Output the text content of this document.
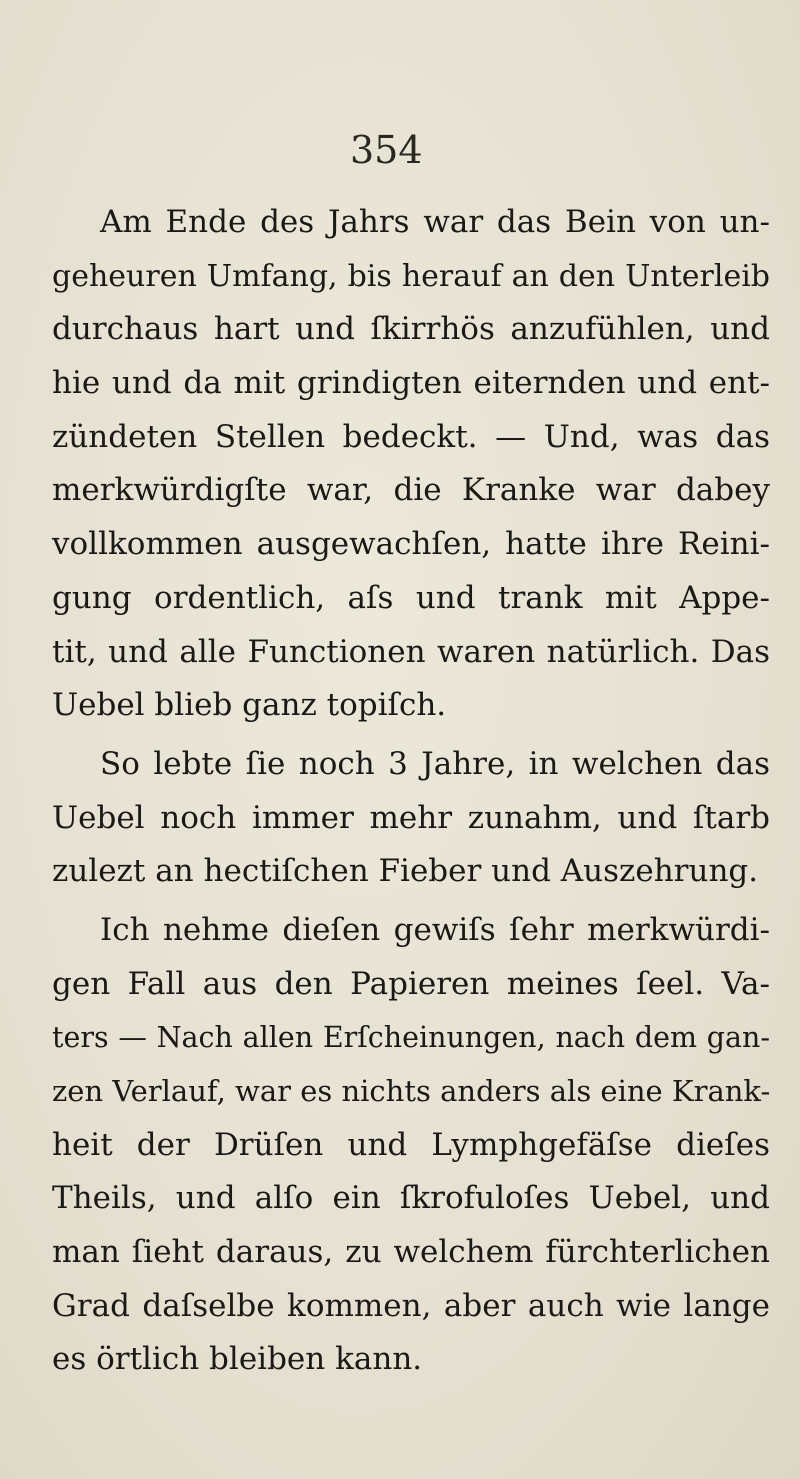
354
Am Ende des Jahrs war das Bein von un-
geheuren Umfang, bis herauf an den Unterleib
durchaus hart und ſkirrhös anzufühlen, und
hie und da mit grindigten eiternden und ent-
zündeten Stellen bedeckt. — Und, was das
merkwürdigſte war, die Kranke war dabey
vollkommen ausgewachſen, hatte ihre Reini-
gung ordentlich, aſs und trank mit Appe-
tit, und alle Functionen waren natürlich. Das
Uebel blieb ganz topiſch.
So lebte ſie noch 3 Jahre, in welchen das
Uebel noch immer mehr zunahm, und ſtarb
zulezt an hectiſchen Fieber und Auszehrung.
Ich nehme dieſen gewiſs ſehr merkwürdi-
gen Fall aus den Papieren meines ſeel. Va-
ters — Nach allen Erſcheinungen, nach dem gan-
zen Verlauf, war es nichts anders als eine Krank-
heit der Drüſen und Lymphgefäſse dieſes
Theils, und alſo ein ſkrofuloſes Uebel, und
man ſieht daraus, zu welchem fürchterlichen
Grad daſselbe kommen, aber auch wie lange
es örtlich bleiben kann.
